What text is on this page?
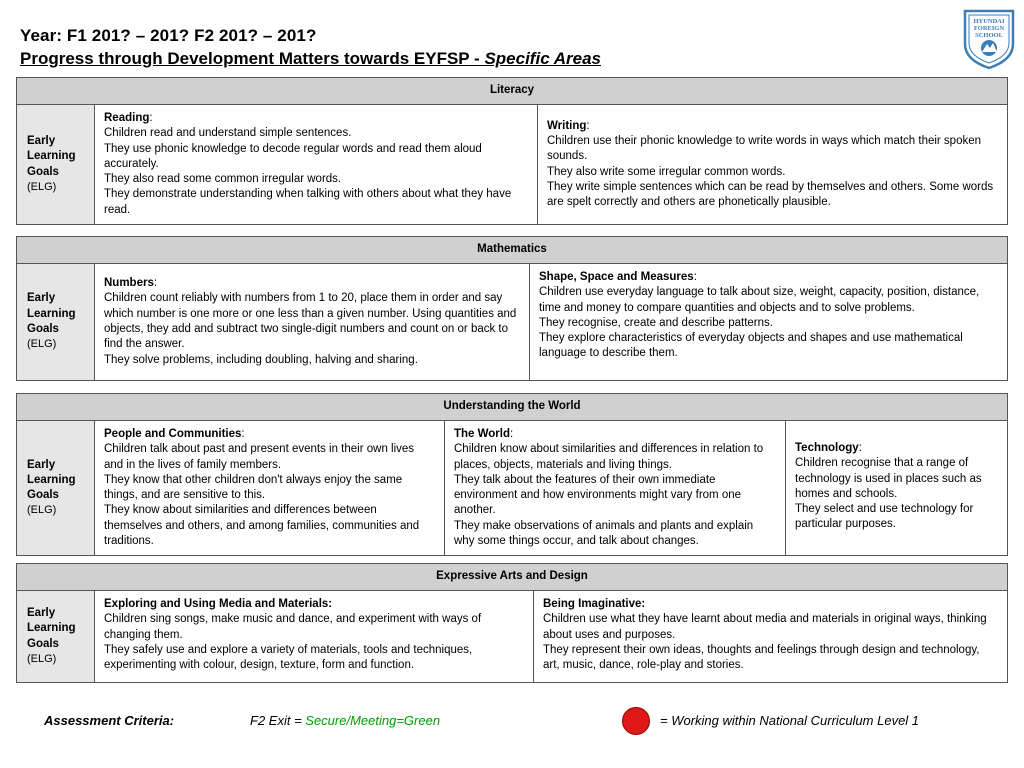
Year: F1 201? – 201? F2 201? – 201?
Progress through Development Matters towards EYFSP - Specific Areas
HYUNDAI
FOREIGN
SCHOOL
Literacy

Early
Learning
Goals
(ELG)	Reading:
Children read and understand simple sentences.
They use phonic knowledge to decode regular words and read them aloud accurately.
They also read some common irregular words.
They demonstrate understanding when talking with others about what they have read.
	Writing:
Children use their phonic knowledge to write words in ways which match their spoken sounds.
They also write some irregular common words.
They write simple sentences which can be read by themselves and others. Some words are spelt correctly and others are phonetically plausible.
Mathematics

Early
Learning
Goals
(ELG)	Numbers:
Children count reliably with numbers from 1 to 20, place them in order and say which number is one more or one less than a given number. Using quantities and objects, they add and subtract two single-digit numbers and count on or back to find the answer.
They solve problems, including doubling, halving and sharing.
	Shape, Space and Measures:
Children use everyday language to talk about size, weight, capacity, position, distance, time and money to compare quantities and objects and to solve problems.
They recognise, create and describe patterns.
They explore characteristics of everyday objects and shapes and use mathematical language to describe them.
Understanding the World

Early
Learning
Goals
(ELG)	People and Communities:
Children talk about past and present events in their own lives and in the lives of family members.
They know that other children don't always enjoy the same things, and are sensitive to this.
They know about similarities and differences between themselves and others, and among families, communities and traditions.
	The World:
Children know about similarities and differences in relation to places, objects, materials and living things.
They talk about the features of their own immediate environment and how environments might vary from one another.
They make observations of animals and plants and explain why some things occur, and talk about changes.
	Technology:
Children recognise that a range of technology is used in places such as homes and schools.
They select and use technology for particular purposes.
Expressive Arts and Design

Early
Learning
Goals
(ELG)	Exploring and Using Media and Materials:
Children sing songs, make music and dance, and experiment with ways of changing them.
They safely use and explore a variety of materials, tools and techniques, experimenting with colour, design, texture, form and function.
	Being Imaginative:
Children use what they have learnt about media and materials in original ways, thinking about uses and purposes.
They represent their own ideas, thoughts and feelings through design and technology, art, music, dance, role-play and stories.
Assessment Criteria:	F2 Exit = Secure/Meeting=Green	= Working within National Curriculum Level 1
